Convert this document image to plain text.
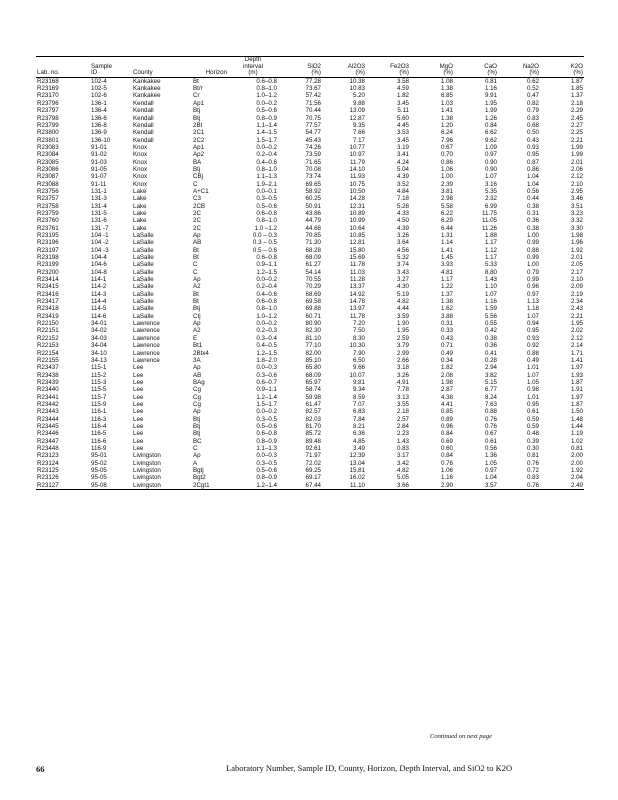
				Depth							
	Sample			interval	SiO2	Al2O3	Fe2O3	MgO	CaO	Na2O	K2O
Lab. no.	ID	County	Horizon	(m)	(%)	(%)	(%)	(%)	(%)	(%)	(%)
R23168	102-4	Kankakee	Bt	0.6–0.8	77.28	10.38	3.58	1.08	0.81	0.62	1.87
R23169	102-5	Kankakee	Bt/r	0.8–1.0	73.67	10.83	4.59	1.38	1.16	0.52	1.85
R23170	102-6	Kankakee	Cr	1.0–1.2	57.42	5.20	1.82	6.85	9.91	0.47	1.37
R23796	136-1	Kendall	Ap1	0.0–0.2	71.56	9.88	3.45	1.03	1.95	0.82	2.18
R23797	136-4	Kendall	Btj	0.5–0.6	70.44	13.09	5.11	1.41	1.99	0.79	2.29
R23798	136-6	Kendall	Btj	0.8–0.9	70.75	12.87	5.60	1.38	1.26	0.83	2.45
R23799	136-8	Kendall	2Bt	1.1–1.4	77.57	9.35	4.45	1.20	0.84	0.68	2.27
R23800	136-9	Kendall	2C1	1.4–1.5	54.77	7.66	3.53	6.24	6.62	0.50	2.25
R23801	136-10	Kendall	2C2	1.5–1.7	45.43	7.17	3.45	7.96	9.62	0.43	2.21
R23083	91-01	Knox	Ap1	0.0–0.2	74.26	10.77	3.19	0.67	1.09	0.93	1.99
R23084	91-02	Knox	Ap2	0.2–0.4	73.59	10.97	3.41	0.70	0.97	0.95	1.99
R23085	91-03	Knox	BA	0.4–0.6	71.65	11.79	4.24	0.86	0.90	0.87	2.01
R23086	91-05	Knox	Btj	0.8–1.0	70.08	14.10	5.04	1.06	0.90	0.86	2.06
R23087	91-07	Knox	CBj	1.1–1.3	73.74	11.93	4.39	1.00	1.07	1.04	2.12
R23088	91-11	Knox	C	1.9–2.1	69.65	10.75	3.52	2.39	3.16	1.04	2.10
R23756	131-1	Lake	A+C1	0.0–0.1	58.92	10.50	4.84	3.81	5.35	0.56	2.95
R23757	131-3	Lake	C3	0.3–0.5	60.25	14.28	7.18	2.98	2.32	0.44	3.46
R23758	131-4	Lake	2CB	0.5–0.6	50.91	12.31	5.28	5.58	6.99	0.38	3.51
R23759	131-5	Lake	2C	0.6–0.8	43.86	10.89	4.33	6.22	11.75	0.31	3.23
R23760	131-6	Lake	2C	0.8–1.0	44.79	10.99	4.50	6.29	11.05	0.36	3.32
R23761	131 -7	Lake	2C	1.0 –1.2	44.68	10.64	4.39	6.44	11.26	0.38	3.30
R23195	104 -1	LaSalle	Ap	0.0 – 0.3	70.85	10.85	3.26	1.31	1.88	1.00	1.98
R23196	104 -2	LaSalle	AB	0.3 – 0.5	71.30	12.81	3.64	1.14	1.17	0.99	1.96
R23197	104 -3	LaSalle	Bt	0.5 – 0.6	68.28	15.80	4.56	1.41	1.12	0.88	1.92
R23198	104-4	LaSalle	Bt	0.6–0.8	68.09	15.69	5.32	1.45	1.17	0.99	2.01
R23199	104-6	LaSalle	C	0.9–1.1	61.27	11.78	3.74	3.93	5.33	1.00	2.05
R23200	104-8	LaSalle	C	1.2–1.5	54.14	11.03	3.43	4.81	8.80	0.79	2.17
R23414	114-1	LaSalle	Ap	0.0–0.2	70.55	11.28	3.27	1.17	1.43	0.99	2.10
R23415	114-2	LaSalle	A2	0.2–0.4	70.29	13.37	4.30	1.22	1.10	0.96	2.09
R23416	114-3	LaSalle	Bt	0.4–0.6	68.69	14.92	5.19	1.37	1.07	0.97	2.19
R23417	114-4	LaSalle	Bt	0.6–0.8	69.58	14.78	4.82	1.38	1.16	1.13	2.34
R23418	114-5	LaSalle	Btj	0.8–1.0	69.88	13.97	4.44	1.62	1.59	1.18	2.43
R23419	114-6	LaSalle	Ctj	1.0–1.2	60.71	11.78	3.59	3.88	5.56	1.07	2.21
R22150	34-01	Lawrence	Ap	0.0–0.2	80.90	7.20	1.90	0.31	0.55	0.94	1.95
R22151	34-02	Lawrence	A2	0.2–0.3	82.30	7.50	1.95	0.33	0.42	0.95	2.02
R22152	34-03	Lawrence	E	0.3–0.4	81.10	8.30	2.59	0.43	0.38	0.93	2.12
R22153	34-04	Lawrence	Bt1	0.4–0.5	77.10	10.30	3.79	0.71	0.36	0.92	2.14
R22154	34-10	Lawrence	2Btx4	1.2–1.5	82.00	7.90	2.99	0.49	0.41	0.88	1.71
R22155	34-13	Lawrence	3A	1.8–2.0	85.10	6.50	2.66	0.34	0.28	0.49	1.41
R23437	115-1	Lee	Ap	0.0–0.3	65.80	9.66	3.18	1.82	2.94	1.01	1.97
R23438	115-2	Lee	AB	0.3–0.6	68.09	10.07	3.26	2.08	3.82	1.07	1.93
R23439	115-3	Lee	BAg	0.6–0.7	65.97	9.81	4.91	1.98	5.15	1.05	1.87
R23440	115-5	Lee	Cg	0.9–1.1	58.74	9.34	7.78	2.87	6.77	0.98	1.91
R23441	115-7	Lee	Cg	1.2–1.4	59.98	8.59	3.13	4.38	8.24	1.01	1.97
R23442	115-9	Lee	Cg	1.5–1.7	61.47	7.07	3.55	4.41	7.63	0.95	1.87
R23443	116-1	Lee	Ap	0.0–0.2	82.57	6.83	2.18	0.85	0.88	0.61	1.50
R23444	116-3	Lee	Btj	0.3–0.5	82.03	7.84	2.57	0.89	0.76	0.59	1.48
R23445	116-4	Lee	Btj	0.5–0.6	81.70	8.21	2.84	0.96	0.76	0.59	1.44
R23446	116-5	Lee	Btj	0.6–0.8	85.72	6.36	2.23	0.84	0.67	0.48	1.19
R23447	116-6	Lee	BC	0.8–0.9	89.48	4.85	1.43	0.69	0.61	0.39	1.02
R23448	116-9	Lee	C	1.1–1.3	92.61	3.49	0.83	0.60	0.56	0.30	0.81
R23123	95-01	Livingston	Ap	0.0–0.3	71.97	12.39	3.17	0.84	1.36	0.81	2.00
R23124	95-02	Livingston	A	0.3–0.5	72.02	13.04	3.42	0.76	1.05	0.76	2.00
R23125	95-05	Livingston	Bgtj	0.5–0.6	69.25	15.81	4.82	1.06	0.97	0.72	1.92
R23126	95-05	Livingston	Bgt2	0.8–0.9	69.17	16.02	5.05	1.16	1.04	0.83	2.04
R23127	95-08	Livingston	2Cgt1	1.2–1.4	67.44	11.10	3.66	2.90	3.57	0.76	2.49
Continued on next page
66	Laboratory Number, Sample ID, County, Horizon, Depth Interval, and SiO2 to K2O
